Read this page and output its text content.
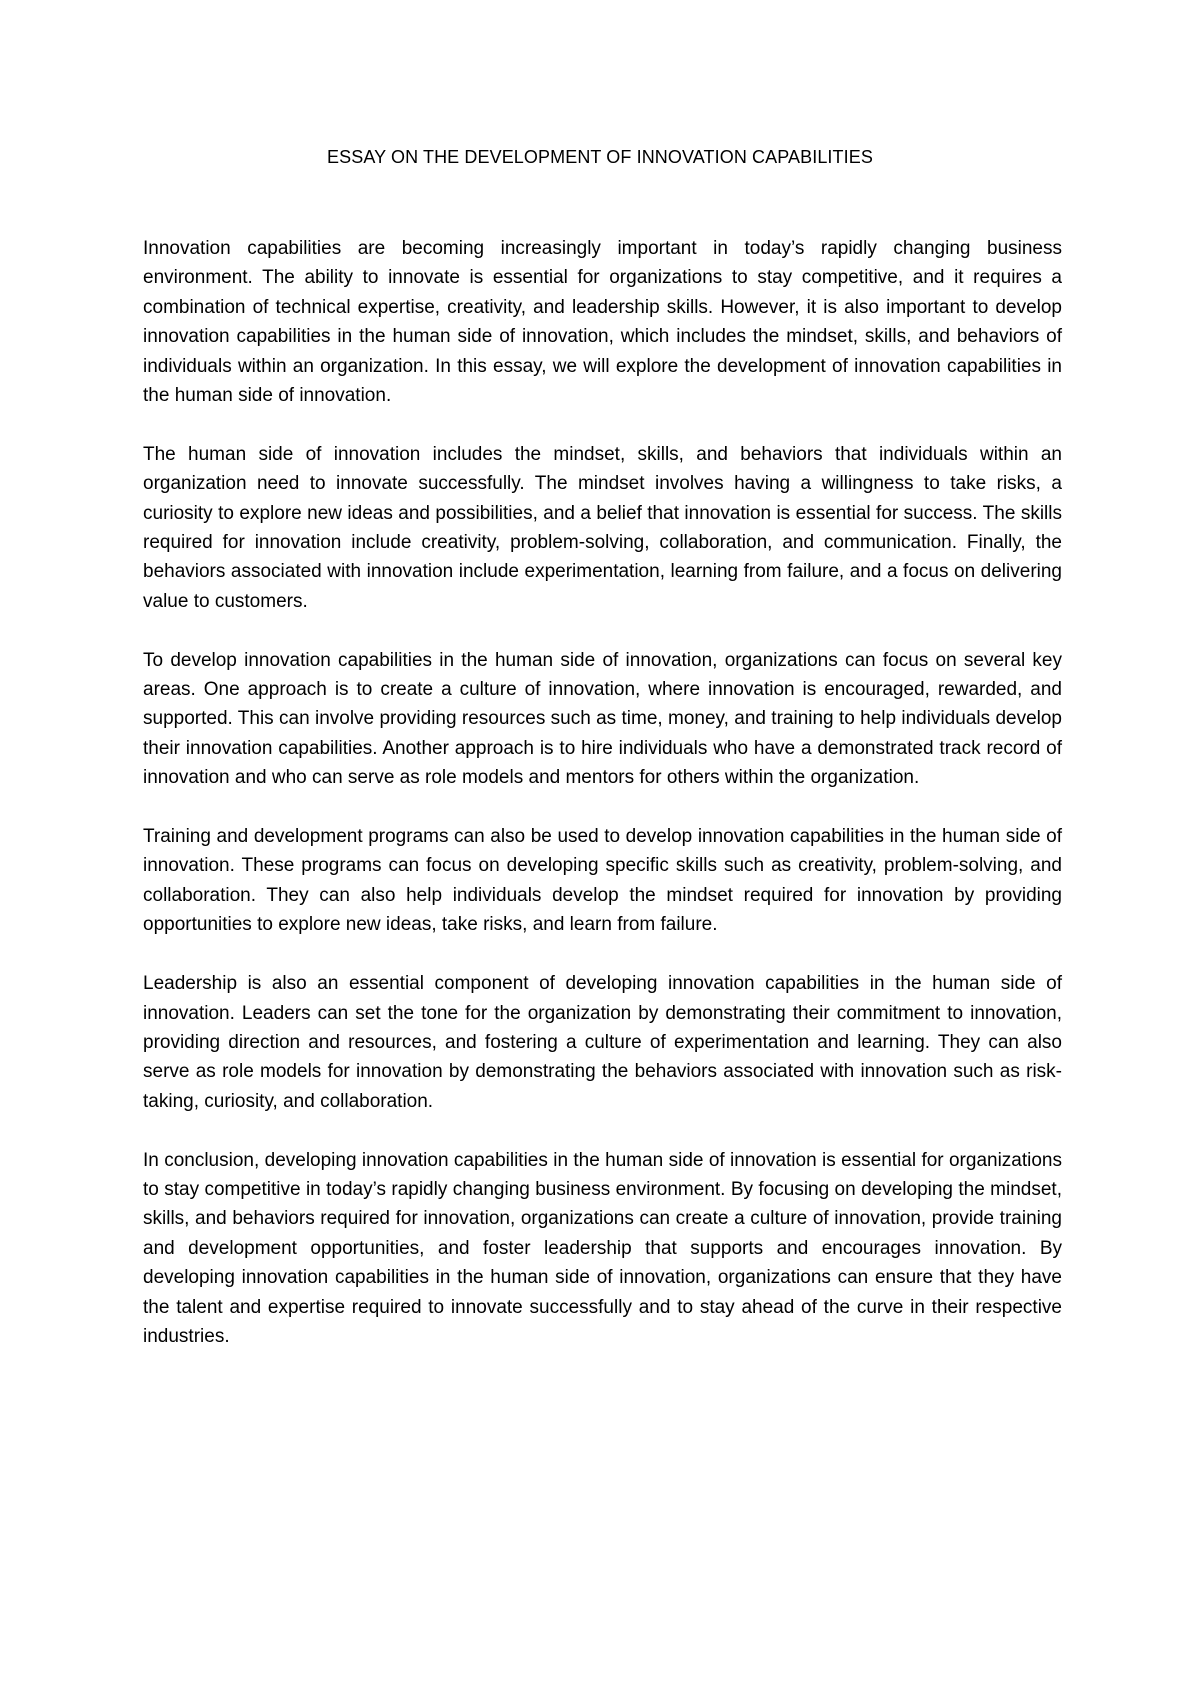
ESSAY ON THE DEVELOPMENT OF INNOVATION CAPABILITIES

Innovation capabilities are becoming increasingly important in today’s rapidly changing business environment. The ability to innovate is essential for organizations to stay competitive, and it requires a combination of technical expertise, creativity, and leadership skills. However, it is also important to develop innovation capabilities in the human side of innovation, which includes the mindset, skills, and behaviors of individuals within an organization. In this essay, we will explore the development of innovation capabilities in the human side of innovation.

The human side of innovation includes the mindset, skills, and behaviors that individuals within an organization need to innovate successfully. The mindset involves having a willingness to take risks, a curiosity to explore new ideas and possibilities, and a belief that innovation is essential for success. The skills required for innovation include creativity, problem-solving, collaboration, and communication. Finally, the behaviors associated with innovation include experimentation, learning from failure, and a focus on delivering value to customers.

To develop innovation capabilities in the human side of innovation, organizations can focus on several key areas. One approach is to create a culture of innovation, where innovation is encouraged, rewarded, and supported. This can involve providing resources such as time, money, and training to help individuals develop their innovation capabilities. Another approach is to hire individuals who have a demonstrated track record of innovation and who can serve as role models and mentors for others within the organization.

Training and development programs can also be used to develop innovation capabilities in the human side of innovation. These programs can focus on developing specific skills such as creativity, problem-solving, and collaboration. They can also help individuals develop the mindset required for innovation by providing opportunities to explore new ideas, take risks, and learn from failure.

Leadership is also an essential component of developing innovation capabilities in the human side of innovation. Leaders can set the tone for the organization by demonstrating their commitment to innovation, providing direction and resources, and fostering a culture of experimentation and learning. They can also serve as role models for innovation by demonstrating the behaviors associated with innovation such as risk-taking, curiosity, and collaboration.

In conclusion, developing innovation capabilities in the human side of innovation is essential for organizations to stay competitive in today’s rapidly changing business environment. By focusing on developing the mindset, skills, and behaviors required for innovation, organizations can create a culture of innovation, provide training and development opportunities, and foster leadership that supports and encourages innovation. By developing innovation capabilities in the human side of innovation, organizations can ensure that they have the talent and expertise required to innovate successfully and to stay ahead of the curve in their respective industries.
